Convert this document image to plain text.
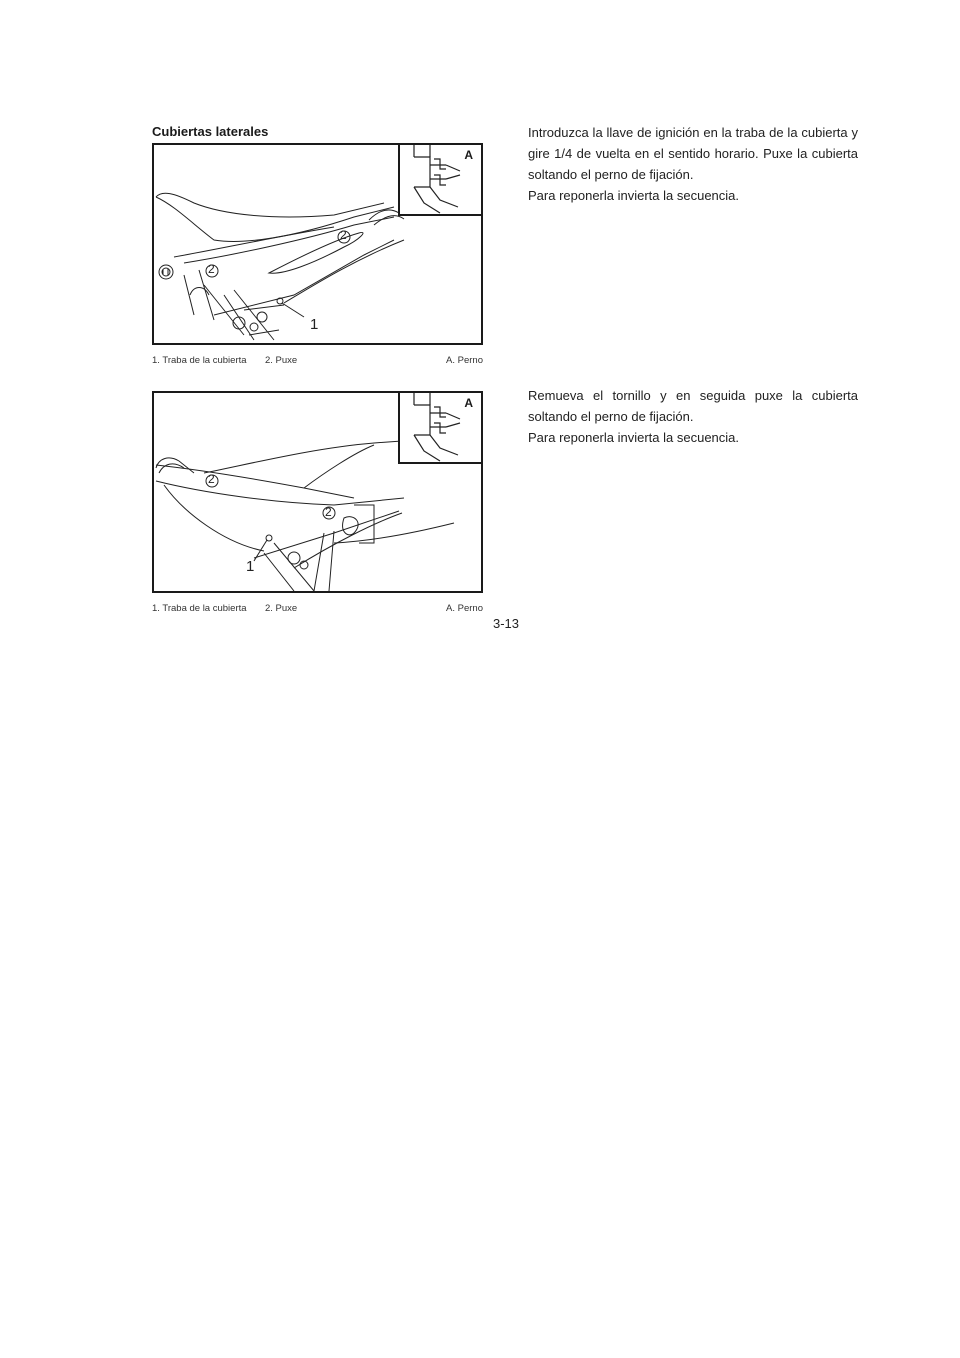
Cubiertas laterales
A
1
2
2
1. Traba de la cubierta 2. Puxe	A. Perno
A
1
2
2
1. Traba de la cubierta 2. Puxe	A. Perno

Introduzca la llave de ignición en la traba de la cubierta y gire 1/4 de vuelta en el sentido horario. Puxe la cubierta soltando el perno de fijación.

Para reponerla invierta la secuencia.

Remueva el tornillo y en seguida puxe la cubierta soltando el perno de fijación.

Para reponerla invierta la secuencia.

3-13
